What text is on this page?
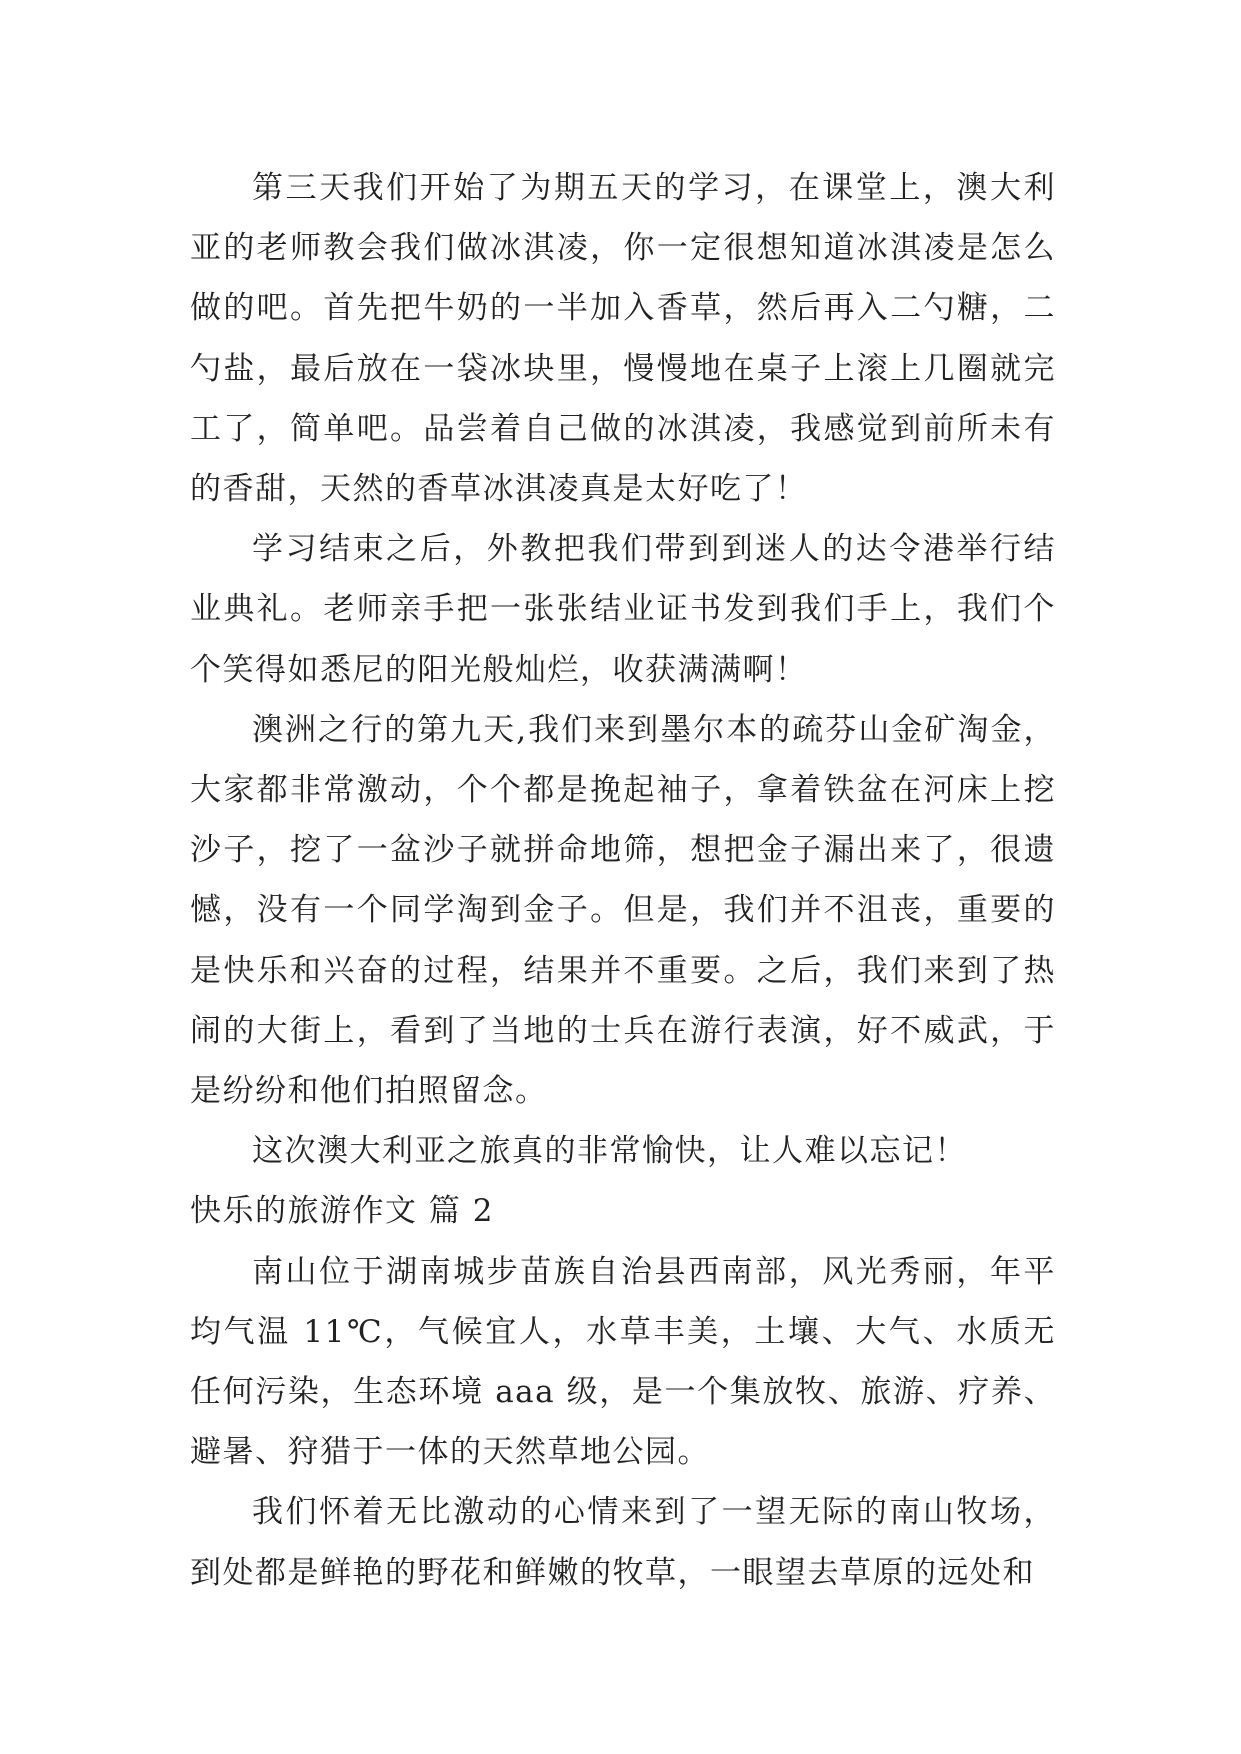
第三天我们开始了为期五天的学习，在课堂上，澳大利亚的老师教会我们做冰淇凌，你一定很想知道冰淇凌是怎么做的吧。首先把牛奶的一半加入香草，然后再入二勺糖，二勺盐，最后放在一袋冰块里，慢慢地在桌子上滚上几圈就完工了，简单吧。品尝着自己做的冰淇凌，我感觉到前所未有的香甜，天然的香草冰淇凌真是太好吃了！

学习结束之后，外教把我们带到到迷人的达令港举行结业典礼。老师亲手把一张张结业证书发到我们手上，我们个个笑得如悉尼的阳光般灿烂，收获满满啊！

澳洲之行的第九天,我们来到墨尔本的疏芬山金矿淘金，大家都非常激动，个个都是挽起袖子，拿着铁盆在河床上挖沙子，挖了一盆沙子就拼命地筛，想把金子漏出来了，很遗憾，没有一个同学淘到金子。但是，我们并不沮丧，重要的是快乐和兴奋的过程，结果并不重要。之后，我们来到了热闹的大街上，看到了当地的士兵在游行表演，好不威武，于是纷纷和他们拍照留念。

这次澳大利亚之旅真的非常愉快，让人难以忘记！

快乐的旅游作文 篇 2

南山位于湖南城步苗族自治县西南部，风光秀丽，年平均气温 11℃，气候宜人，水草丰美，土壤、大气、水质无任何污染，生态环境 aaa 级，是一个集放牧、旅游、疗养、避暑、狩猎于一体的天然草地公园。

我们怀着无比激动的心情来到了一望无际的南山牧场，到处都是鲜艳的野花和鲜嫩的牧草，一眼望去草原的远处和
